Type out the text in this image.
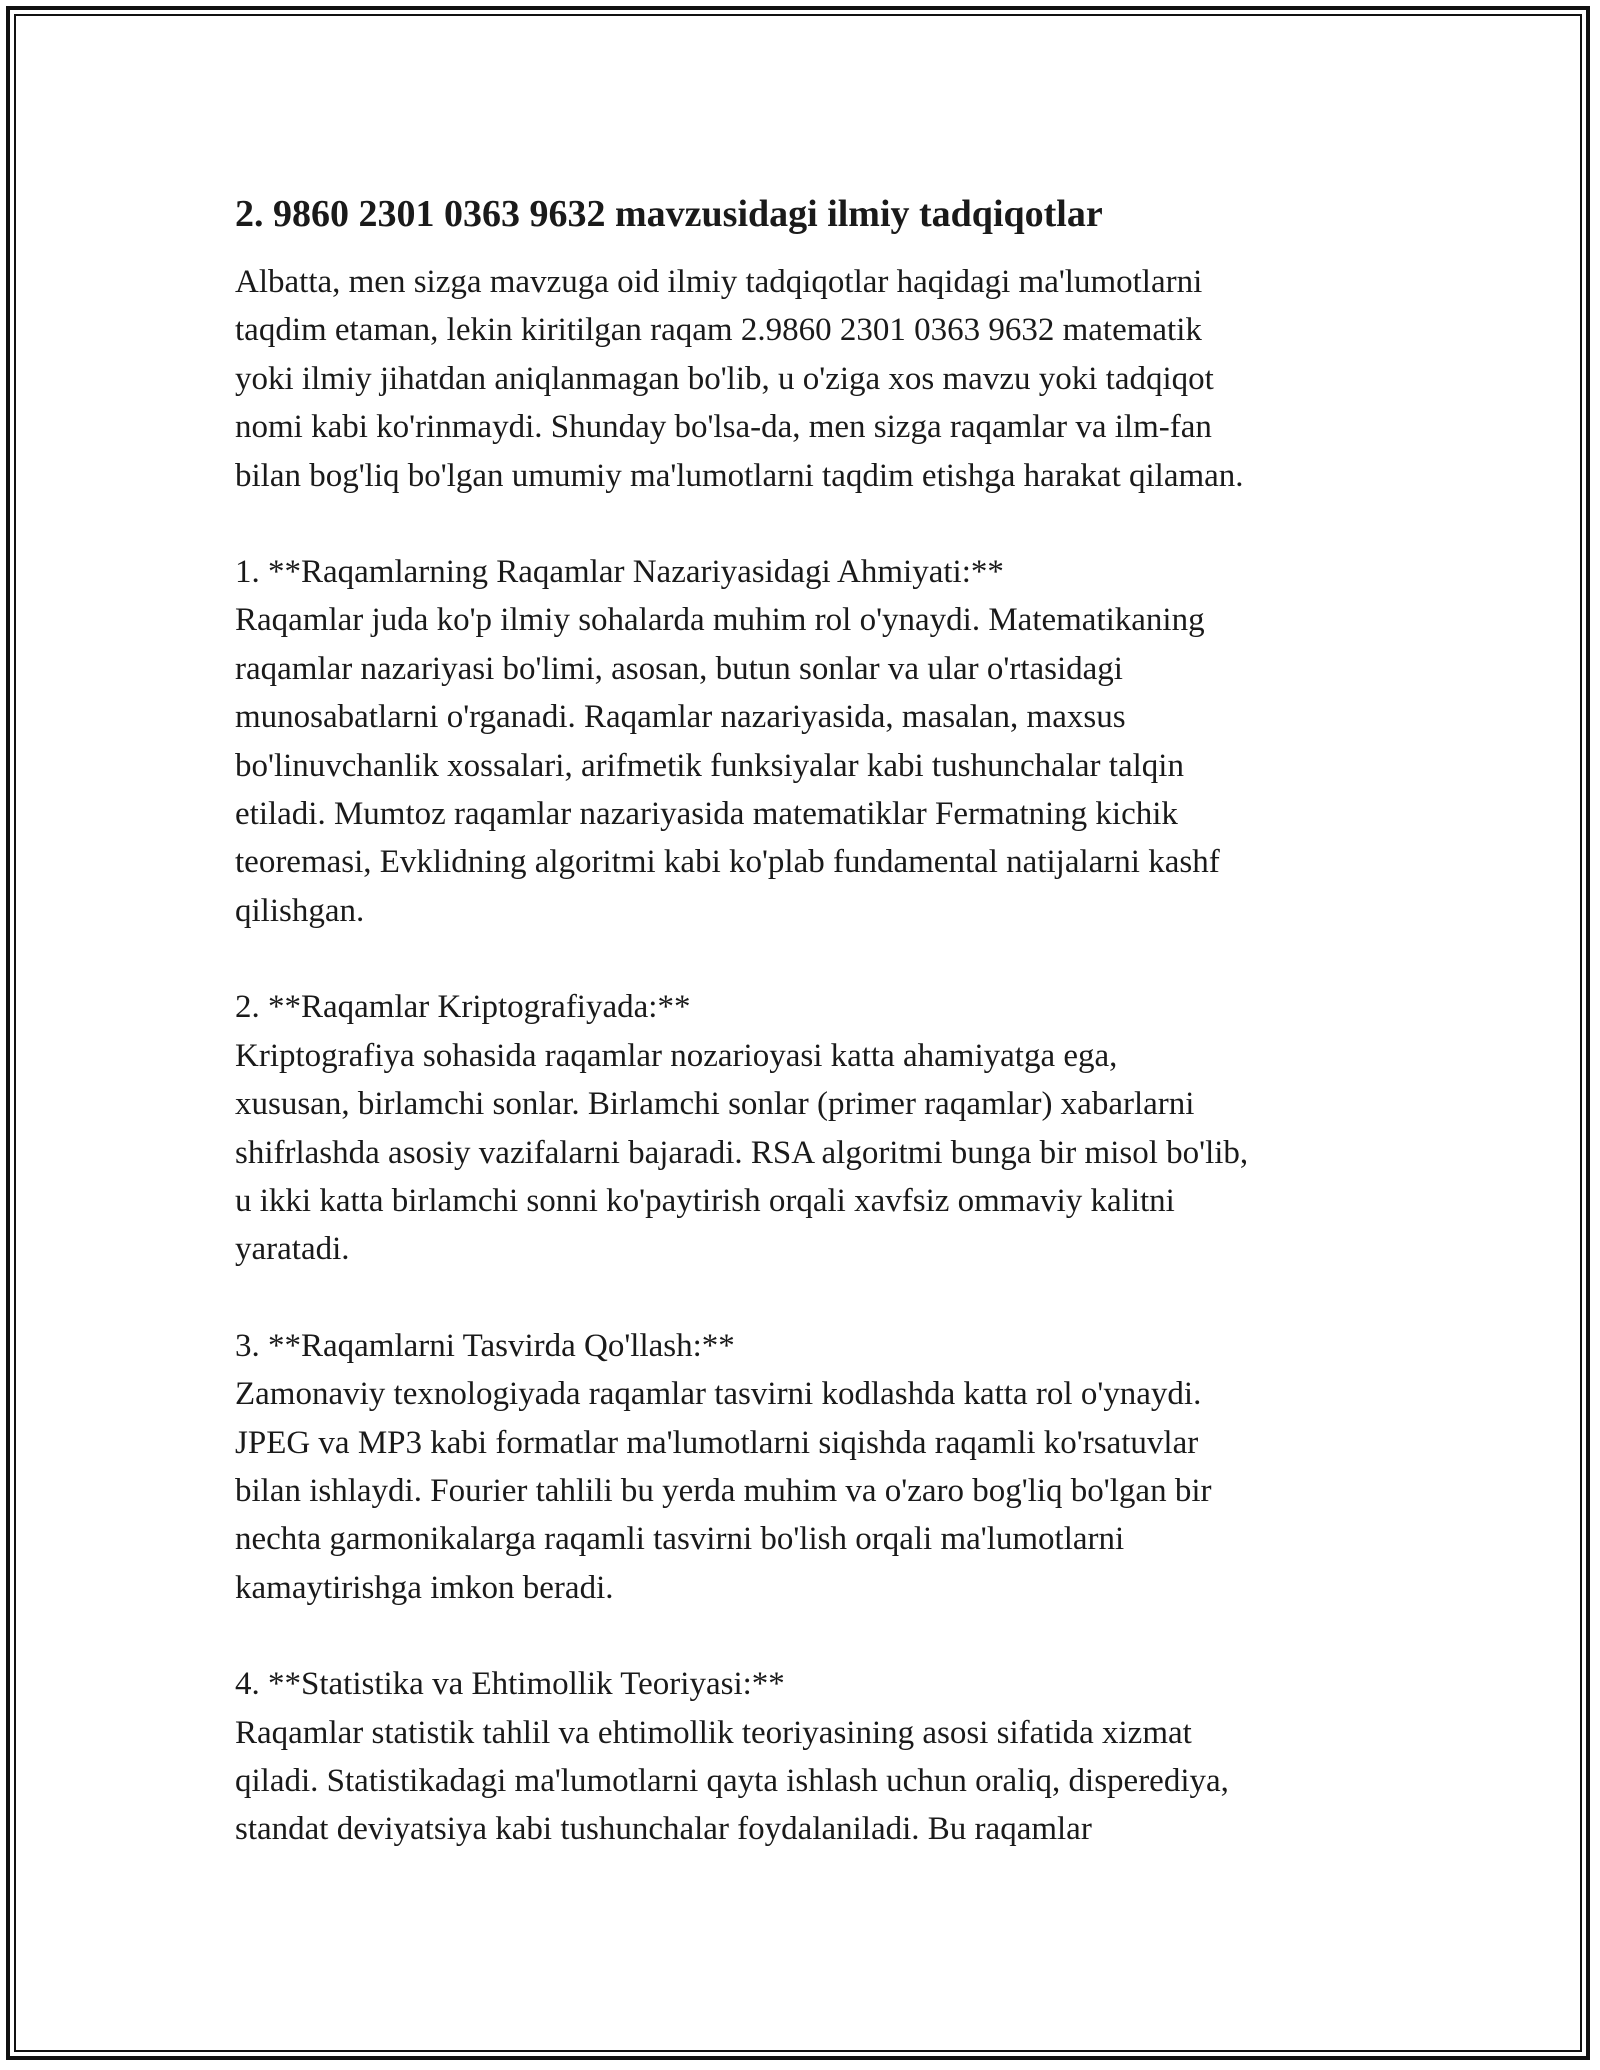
2. 9860 2301 0363 9632 mavzusidagi ilmiy tadqiqotlar

Albatta, men sizga mavzuga oid ilmiy tadqiqotlar haqidagi ma'lumotlarni
taqdim etaman, lekin kiritilgan raqam 2.9860 2301 0363 9632 matematik
yoki ilmiy jihatdan aniqlanmagan bo'lib, u o'ziga xos mavzu yoki tadqiqot
nomi kabi ko'rinmaydi. Shunday bo'lsa-da, men sizga raqamlar va ilm-fan
bilan bog'liq bo'lgan umumiy ma'lumotlarni taqdim etishga harakat qilaman.

1. **Raqamlarning Raqamlar Nazariyasidagi Ahmiyati:**

Raqamlar juda ko'p ilmiy sohalarda muhim rol o'ynaydi. Matematikaning
raqamlar nazariyasi bo'limi, asosan, butun sonlar va ular o'rtasidagi
munosabatlarni o'rganadi. Raqamlar nazariyasida, masalan, maxsus
bo'linuvchanlik xossalari, arifmetik funksiyalar kabi tushunchalar talqin
etiladi. Mumtoz raqamlar nazariyasida matematiklar Fermatning kichik
teoremasi, Evklidning algoritmi kabi ko'plab fundamental natijalarni kashf
qilishgan.

2. **Raqamlar Kriptografiyada:**

Kriptografiya sohasida raqamlar nozarioyasi katta ahamiyatga ega,
xususan, birlamchi sonlar. Birlamchi sonlar (primer raqamlar) xabarlarni
shifrlashda asosiy vazifalarni bajaradi. RSA algoritmi bunga bir misol bo'lib,
u ikki katta birlamchi sonni ko'paytirish orqali xavfsiz ommaviy kalitni
yaratadi.

3. **Raqamlarni Tasvirda Qo'llash:**

Zamonaviy texnologiyada raqamlar tasvirni kodlashda katta rol o'ynaydi.
JPEG va MP3 kabi formatlar ma'lumotlarni siqishda raqamli ko'rsatuvlar
bilan ishlaydi. Fourier tahlili bu yerda muhim va o'zaro bog'liq bo'lgan bir
nechta garmonikalarga raqamli tasvirni bo'lish orqali ma'lumotlarni
kamaytirishga imkon beradi.

4. **Statistika va Ehtimollik Teoriyasi:**

Raqamlar statistik tahlil va ehtimollik teoriyasining asosi sifatida xizmat
qiladi. Statistikadagi ma'lumotlarni qayta ishlash uchun oraliq, disperediya,
standat deviyatsiya kabi tushunchalar foydalaniladi. Bu raqamlar
